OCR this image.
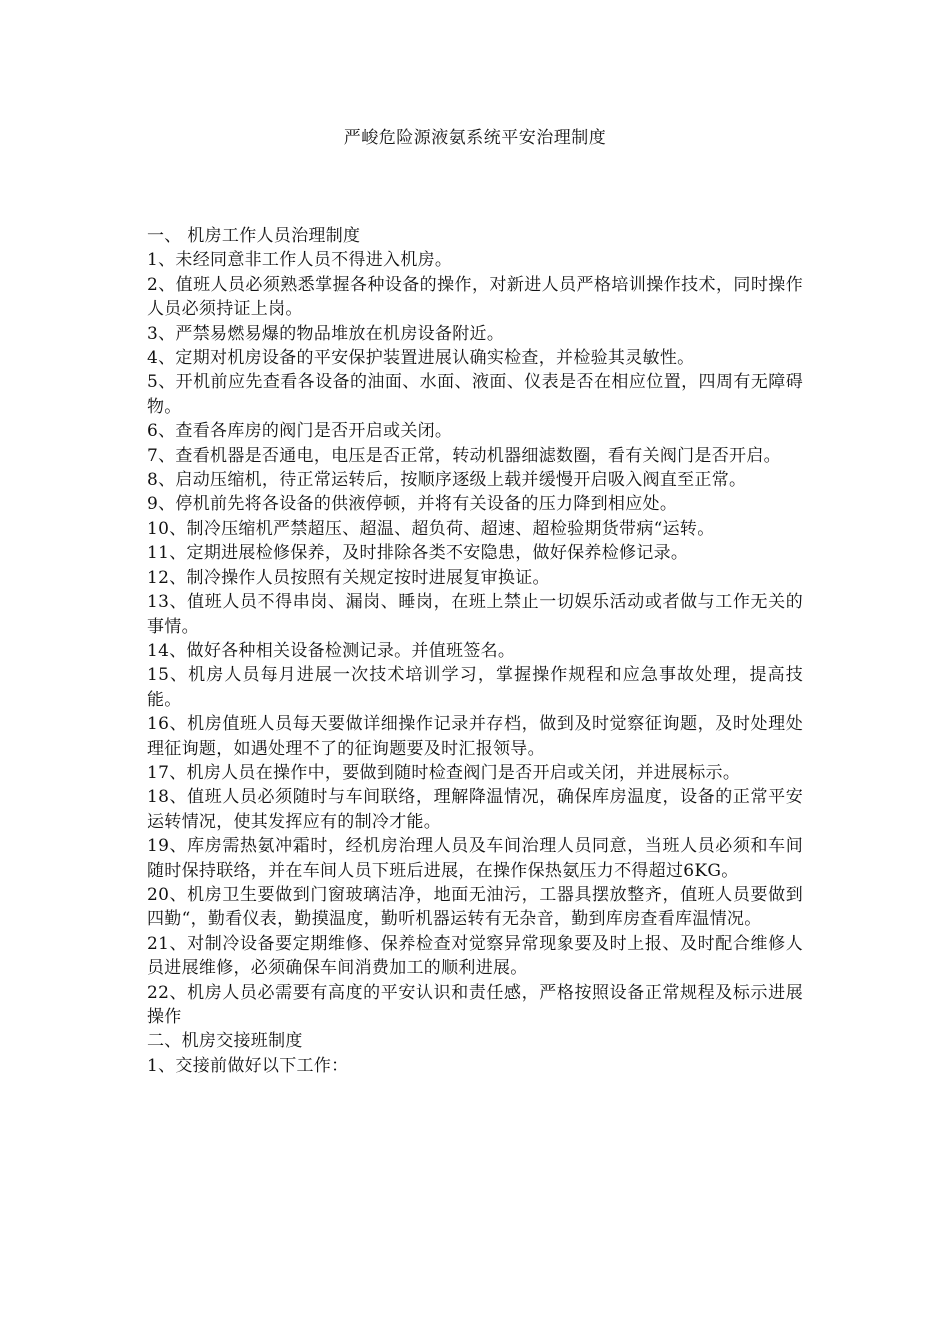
严峻危险源液氨系统平安治理制度

一、 机房工作人员治理制度

1、未经同意非工作人员不得进入机房。

2、值班人员必须熟悉掌握各种设备的操作，对新进人员严格培训操作技术，同时操作人员必须持证上岗。

3、严禁易燃易爆的物品堆放在机房设备附近。

4、定期对机房设备的平安保护装置进展认确实检查，并检验其灵敏性。

5、开机前应先查看各设备的油面、水面、液面、仪表是否在相应位置，四周有无障碍物。

6、查看各库房的阀门是否开启或关闭。

7、查看机器是否通电，电压是否正常，转动机器细滤数圈，看有关阀门是否开启。

8、启动压缩机，待正常运转后，按顺序逐级上载并缓慢开启吸入阀直至正常。

9、停机前先将各设备的供液停顿，并将有关设备的压力降到相应处。

10、制冷压缩机严禁超压、超温、超负荷、超速、超检验期货带病“运转。

11、定期进展检修保养，及时排除各类不安隐患，做好保养检修记录。

12、制冷操作人员按照有关规定按时进展复审换证。

13、值班人员不得串岗、漏岗、睡岗，在班上禁止一切娱乐活动或者做与工作无关的事情。

14、做好各种相关设备检测记录。并值班签名。

15、机房人员每月进展一次技术培训学习，掌握操作规程和应急事故处理，提高技能。

16、机房值班人员每天要做详细操作记录并存档，做到及时觉察征询题，及时处理处理征询题，如遇处理不了的征询题要及时汇报领导。

17、机房人员在操作中，要做到随时检查阀门是否开启或关闭，并进展标示。

18、值班人员必须随时与车间联络，理解降温情况，确保库房温度，设备的正常平安运转情况，使其发挥应有的制冷才能。

19、库房需热氨冲霜时，经机房治理人员及车间治理人员同意，当班人员必须和车间随时保持联络，并在车间人员下班后进展，在操作保热氨压力不得超过6KG。

20、机房卫生要做到门窗玻璃洁净，地面无油污，工器具摆放整齐，值班人员要做到四勤“，勤看仪表，勤摸温度，勤听机器运转有无杂音，勤到库房查看库温情况。

21、对制冷设备要定期维修、保养检查对觉察异常现象要及时上报、及时配合维修人员进展维修，必须确保车间消费加工的顺利进展。

22、机房人员必需要有高度的平安认识和责任感，严格按照设备正常规程及标示进展操作

二、机房交接班制度

1、交接前做好以下工作：
